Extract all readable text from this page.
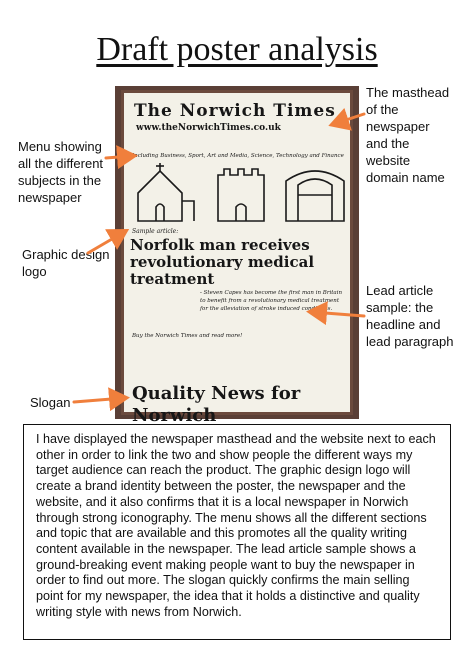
Draft poster analysis
The masthead
of the
newspaper
and the
website
domain name
Menu showing
all the different
subjects in the
newspaper
Graphic design
logo
Lead article
sample: the
headline and
lead paragraph
Slogan
The Norwich Times
www.theNorwichTimes.co.uk
Including Business, Sport, Art and Media, Science, Technology and Finance
Sample article:
Norfolk man receives revolutionary medical treatment
- Steven Capes has become the first man in Britain to benefit from a revolutionary medical treatment for the alleviation of stroke induced conditions.
Buy the Norwich Times and read more!
Quality News for Norwich
I have displayed the newspaper masthead and the website next to each other in order to link the two and show people the different ways my target audience can reach the product. The graphic design logo will create a brand identity between the poster, the newspaper and the website, and it also confirms that it is a local newspaper in Norwich through strong iconography. The menu shows all the different sections and topic that are available and this promotes all the quality writing content available in the newspaper. The lead article sample shows a ground-breaking event making people want to buy the newspaper in order to find out more. The slogan quickly confirms the main selling point for my newspaper, the idea that it holds a distinctive and quality writing style with news from Norwich.
